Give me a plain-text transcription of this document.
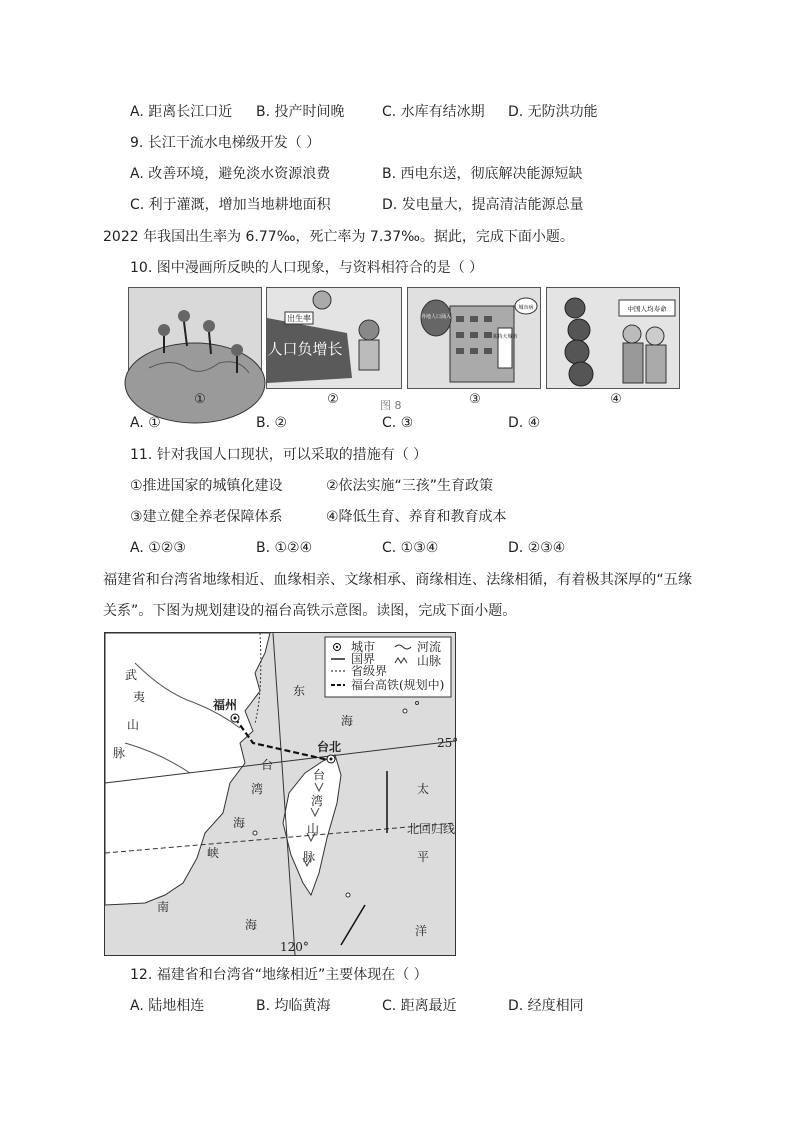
A. 距离长江口近 B. 投产时间晚	C. 水库有结冰期 D. 无防洪功能
9. 长江干流水电梯级开发（ ）
A. 改善环境，避免淡水资源浪费	B. 西电东送，彻底解决能源短缺
C. 利于灌溉，增加当地耕地面积	D. 发电量大，提高清洁能源总量
2022 年我国出生率为 6.77‰，死亡率为 7.37‰。据此，完成下面小题。
10. 图中漫画所反映的人口现象，与资料相符合的是（ ）
出生率
人口负增长
某特大城市
外地人口涌入
城市病	中国人均寿命
图 8
①	②	③	④
A. ①	B. ②	C. ③	D. ④
11. 针对我国人口现状，可以采取的措施有（ ）
①推进国家的城镇化建设	②依法实施“三孩”生育政策
③建立健全养老保障体系	④降低生育、养育和教育成本
A. ①②③	B. ①②④	C. ①③④	D. ②③④
福建省和台湾省地缘相近、血缘相亲、文缘相承、商缘相连、法缘相循，有着极其深厚的“五缘
关系”。下图为规划建设的福台高铁示意图。读图，完成下面小题。
城市	河流
国界	山脉
省级界
福台高铁(规划中)
福州
台北
武
夷
山
脉
东
海
太
平
洋
南
海
台
湾
海
峡
台
湾
山
脉
北回归线
25°
120°
12. 福建省和台湾省“地缘相近”主要体现在（ ）
A. 陆地相连	B. 均临黄海	C. 距离最近	D. 经度相同
